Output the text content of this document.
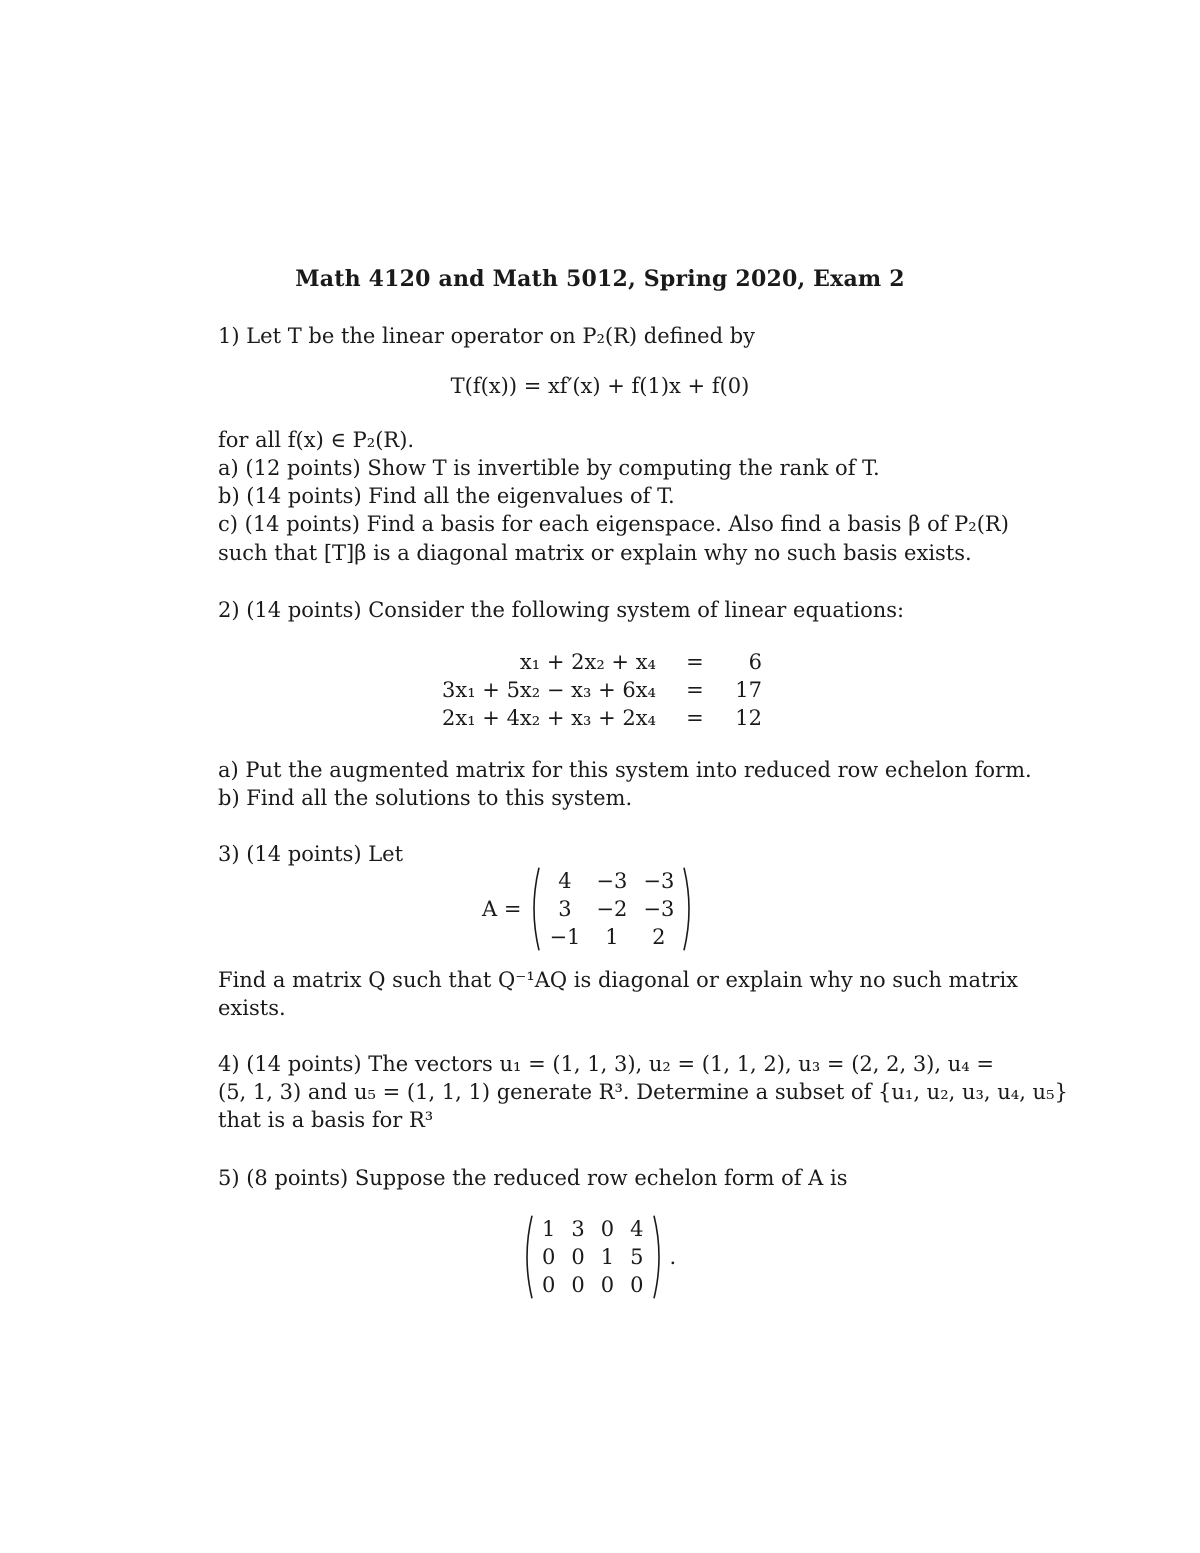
Math 4120 and Math 5012, Spring 2020, Exam 2
1) Let T be the linear operator on P₂(R) defined by
T(f(x)) = xf′(x) + f(1)x + f(0)
for all f(x) ∈ P₂(R).
a) (12 points) Show T is invertible by computing the rank of T.
b) (14 points) Find all the eigenvalues of T.
c) (14 points) Find a basis for each eigenspace. Also find a basis β of P₂(R)
such that [T]β is a diagonal matrix or explain why no such basis exists.
2) (14 points) Consider the following system of linear equations:
x₁ + 2x₂ + x₄	=	6
3x₁ + 5x₂ − x₃ + 6x₄	=	17
2x₁ + 4x₂ + x₃ + 2x₄	=	12
a) Put the augmented matrix for this system into reduced row echelon form.
b) Find all the solutions to this system.
3) (14 points) Let
A =
4	−3	−3
3	−2	−3
−1	1	2
Find a matrix Q such that Q⁻¹AQ is diagonal or explain why no such matrix
exists.
4) (14 points) The vectors u₁ = (1, 1, 3), u₂ = (1, 1, 2), u₃ = (2, 2, 3), u₄ =
(5, 1, 3) and u₅ = (1, 1, 1) generate R³. Determine a subset of {u₁, u₂, u₃, u₄, u₅}
that is a basis for R³
5) (8 points) Suppose the reduced row echelon form of A is
1	3	0	4
0	0	1	5
0	0	0	0
.
